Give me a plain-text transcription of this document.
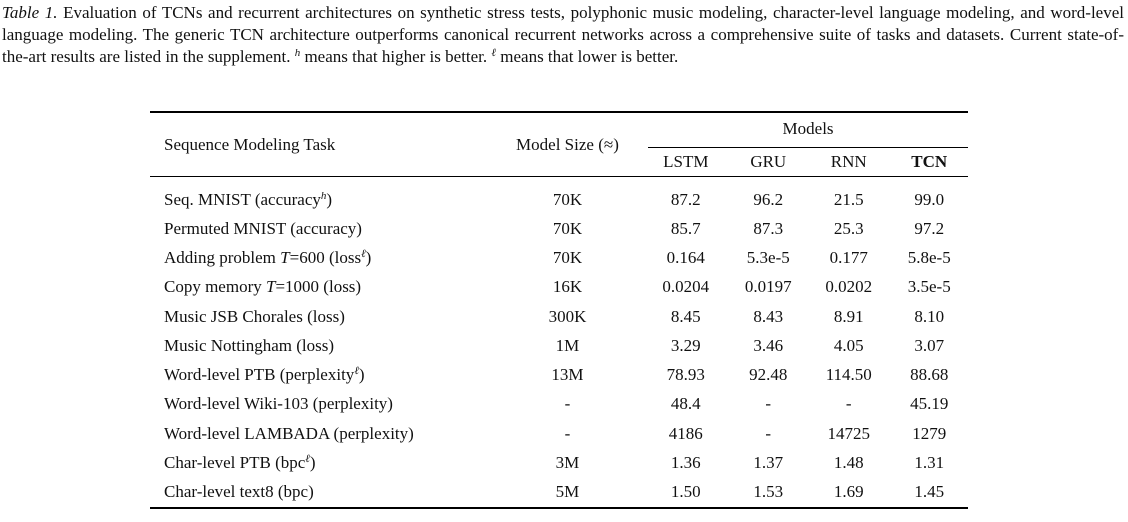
Table 1. Evaluation of TCNs and recurrent architectures on synthetic stress tests, polyphonic music modeling, character-level language modeling, and word-level language modeling. The generic TCN architecture outperforms canonical recurrent networks across a comprehensive suite of tasks and datasets. Current state-of-the-art results are listed in the supplement. $^h$ means that higher is better. $^\ell$ means that lower is better.

Sequence Modeling Task	Model Size (≈)	Models			

		LSTM	GRU	RNN	TCN
Seq. MNIST (accuracy$^h$)	70K	87.2	96.2	21.5	99.0
Permuted MNIST (accuracy)	70K	85.7	87.3	25.3	97.2
Adding problem T=600 (loss$^\ell$)	70K	0.164	5.3e-5	0.177	5.8e-5
Copy memory T=1000 (loss)	16K	0.0204	0.0197	0.0202	3.5e-5
Music JSB Chorales (loss)	300K	8.45	8.43	8.91	8.10
Music Nottingham (loss)	1M	3.29	3.46	4.05	3.07
Word-level PTB (perplexity$^\ell$)	13M	78.93	92.48	114.50	88.68
Word-level Wiki-103 (perplexity)	-	48.4	-	-	45.19
Word-level LAMBADA (perplexity)	-	4186	-	14725	1279
Char-level PTB (bpc$^\ell$)	3M	1.36	1.37	1.48	1.31
Char-level text8 (bpc)	5M	1.50	1.53	1.69	1.45
